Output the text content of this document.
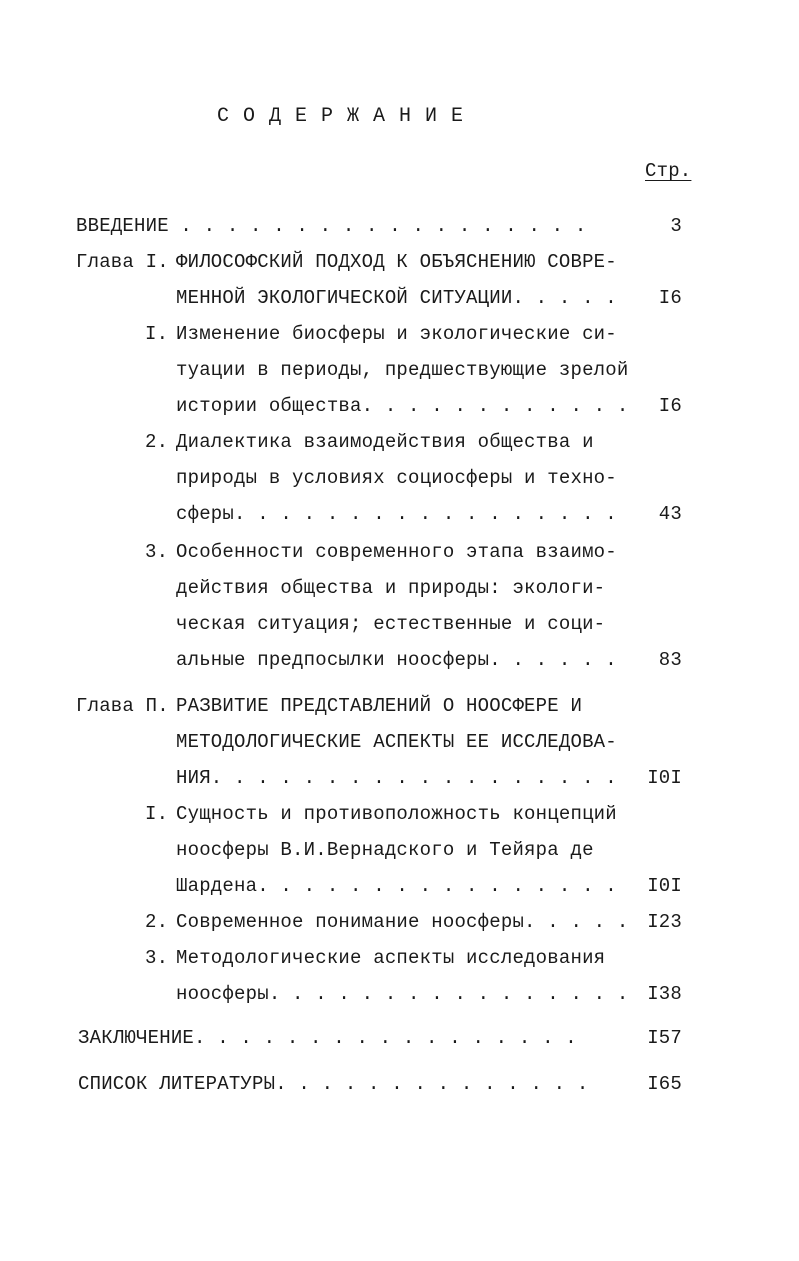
С О Д Е Р Ж А Н И Е
Стр.
ВВЕДЕНИЕ . . . . . . . . . . . . . . . . . .	3
Глава I. ФИЛОСОФСКИЙ ПОДХОД К ОБЪЯСНЕНИЮ СОВРЕ-
МЕННОЙ ЭКОЛОГИЧЕСКОЙ СИТУАЦИИ. . . . .	I6
I. Изменение биосферы и экологические си-
туации в периоды, предшествующие зрелой
истории общества. . . . . . . . . . . .	I6
2. Диалектика взаимодействия общества и
природы в условиях социосферы и техно-
сферы. . . . . . . . . . . . . . . . .	43
3. Особенности современного этапа взаимо-
действия общества и природы: экологи-
ческая ситуация; естественные и соци-
альные предпосылки ноосферы. . . . . .	83
Глава П. РАЗВИТИЕ ПРЕДСТАВЛЕНИЙ О НООСФЕРЕ И
МЕТОДОЛОГИЧЕСКИЕ АСПЕКТЫ ЕЕ ИССЛЕДОВА-
НИЯ. . . . . . . . . . . . . . . . . .	I0I
I. Сущность и противоположность концепций
ноосферы В.И.Вернадского и Тейяра де
Шардена. . . . . . . . . . . . . . . .	I0I
2. Современное понимание ноосферы. . . . . I23
3. Методологические аспекты исследования
ноосферы. . . . . . . . . . . . . . . . I38
ЗАКЛЮЧЕНИЕ. . . . . . . . . . . . . . . . .	I57
СПИСОК ЛИТЕРАТУРЫ. . . . . . . . . . . . . .	I65
